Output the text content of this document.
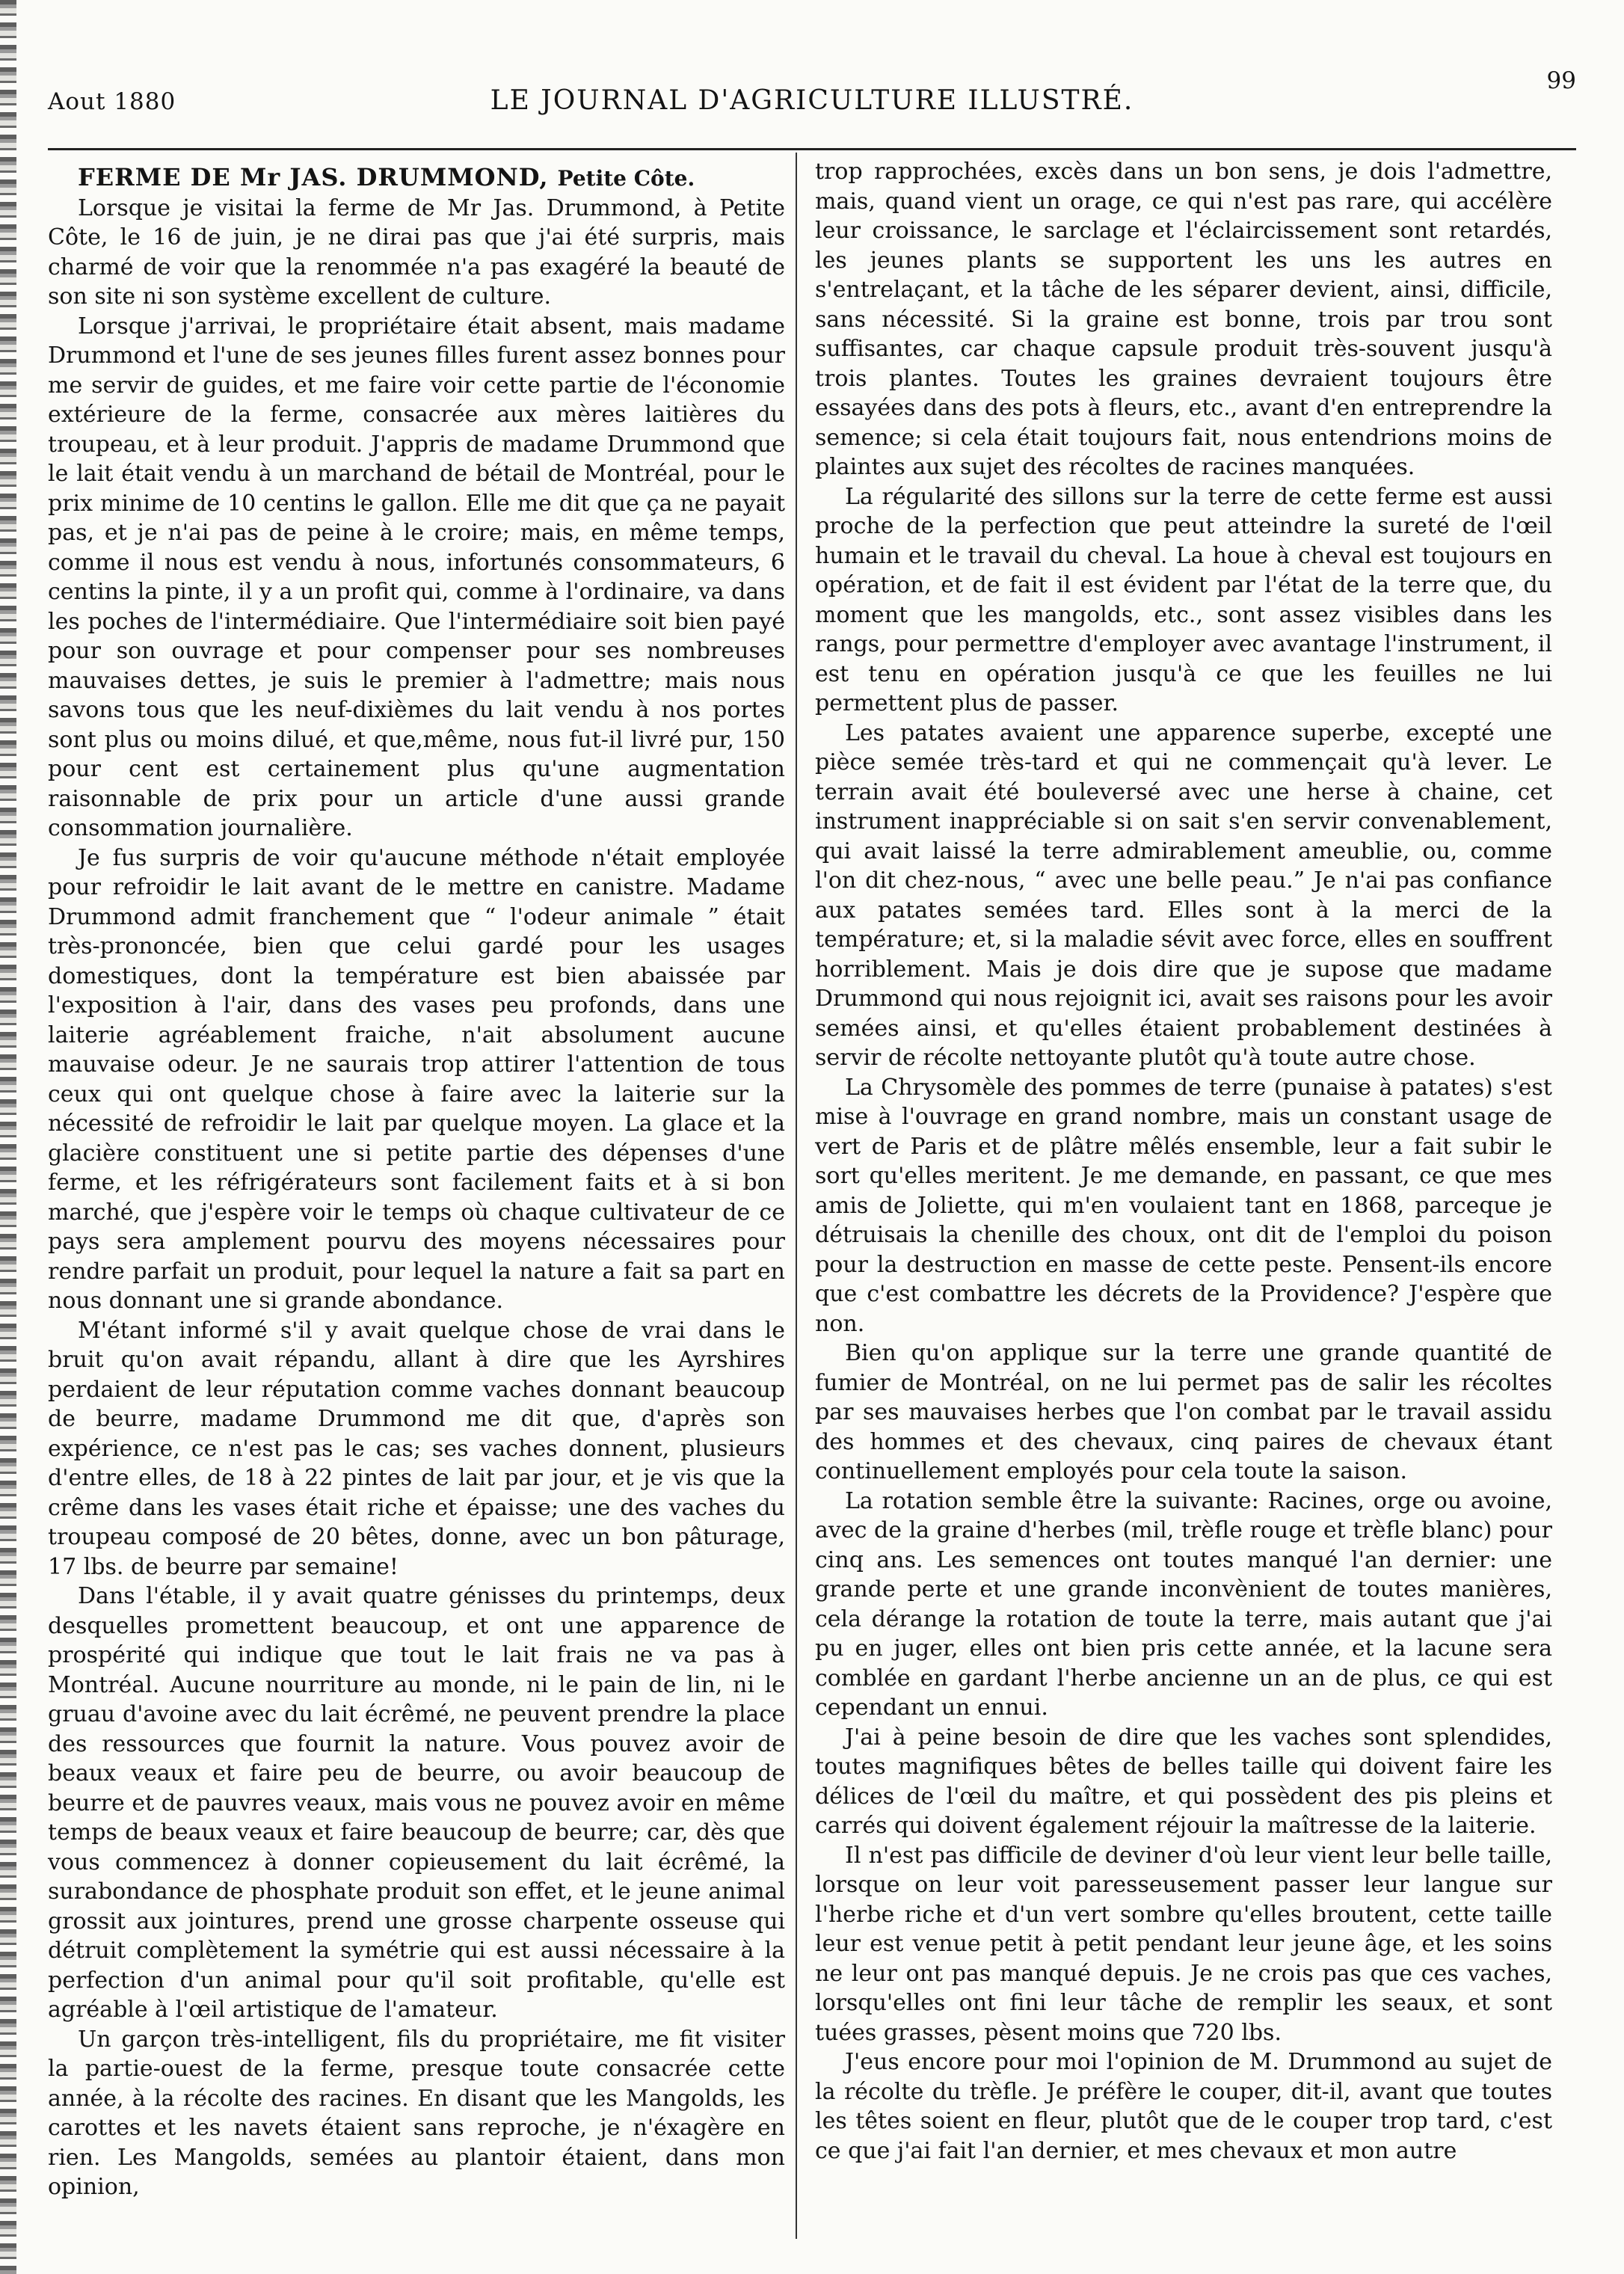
Aout 1880	LE JOURNAL D'AGRICULTURE ILLUSTRÉ.
99
FERME DE Mr JAS. DRUMMOND, Petite Côte.

Lorsque je visitai la ferme de Mr Jas. Drummond, à Petite Côte, le 16 de juin, je ne dirai pas que j'ai été surpris, mais charmé de voir que la renommée n'a pas exagéré la beauté de son site ni son système excellent de culture.

Lorsque j'arrivai, le propriétaire était absent, mais madame Drummond et l'une de ses jeunes filles furent assez bonnes pour me servir de guides, et me faire voir cette partie de l'économie extérieure de la ferme, consacrée aux mères laitières du troupeau, et à leur produit. J'appris de madame Drummond que le lait était vendu à un marchand de bétail de Montréal, pour le prix minime de 10 centins le gallon. Elle me dit que ça ne payait pas, et je n'ai pas de peine à le croire; mais, en même temps, comme il nous est vendu à nous, infortunés consommateurs, 6 centins la pinte, il y a un profit qui, comme à l'ordinaire, va dans les poches de l'intermédiaire. Que l'intermédiaire soit bien payé pour son ouvrage et pour compenser pour ses nombreuses mauvaises dettes, je suis le premier à l'admettre; mais nous savons tous que les neuf-dixièmes du lait vendu à nos portes sont plus ou moins dilué, et que,même, nous fut-il livré pur, 150 pour cent est certainement plus qu'une augmentation raisonnable de prix pour un article d'une aussi grande consommation journalière.

Je fus surpris de voir qu'aucune méthode n'était employée pour refroidir le lait avant de le mettre en canistre. Madame Drummond admit franchement que “ l'odeur animale ” était très-prononcée, bien que celui gardé pour les usages domestiques, dont la température est bien abaissée par l'exposition à l'air, dans des vases peu profonds, dans une laiterie agréablement fraiche, n'ait absolument aucune mauvaise odeur. Je ne saurais trop attirer l'attention de tous ceux qui ont quelque chose à faire avec la laiterie sur la nécessité de refroidir le lait par quelque moyen. La glace et la glacière constituent une si petite partie des dépenses d'une ferme, et les réfrigérateurs sont facilement faits et à si bon marché, que j'espère voir le temps où chaque cultivateur de ce pays sera amplement pourvu des moyens nécessaires pour rendre parfait un produit, pour lequel la nature a fait sa part en nous donnant une si grande abondance.

M'étant informé s'il y avait quelque chose de vrai dans le bruit qu'on avait répandu, allant à dire que les Ayrshires perdaient de leur réputation comme vaches donnant beaucoup de beurre, madame Drummond me dit que, d'après son expérience, ce n'est pas le cas; ses vaches donnent, plusieurs d'entre elles, de 18 à 22 pintes de lait par jour, et je vis que la crême dans les vases était riche et épaisse; une des vaches du troupeau composé de 20 bêtes, donne, avec un bon pâturage, 17 lbs. de beurre par semaine!

Dans l'étable, il y avait quatre génisses du printemps, deux desquelles promettent beaucoup, et ont une apparence de prospérité qui indique que tout le lait frais ne va pas à Montréal. Aucune nourriture au monde, ni le pain de lin, ni le gruau d'avoine avec du lait écrêmé, ne peuvent prendre la place des ressources que fournit la nature. Vous pouvez avoir de beaux veaux et faire peu de beurre, ou avoir beaucoup de beurre et de pauvres veaux, mais vous ne pouvez avoir en même temps de beaux veaux et faire beaucoup de beurre; car, dès que vous commencez à donner copieusement du lait écrêmé, la surabondance de phosphate produit son effet, et le jeune animal grossit aux jointures, prend une grosse charpente osseuse qui détruit complètement la symétrie qui est aussi nécessaire à la perfection d'un animal pour qu'il soit profitable, qu'elle est agréable à l'œil artistique de l'amateur.

Un garçon très-intelligent, fils du propriétaire, me fit visiter la partie-ouest de la ferme, presque toute consacrée cette année, à la récolte des racines. En disant que les Mangolds, les carottes et les navets étaient sans reproche, je n'éxagère en rien. Les Mangolds, semées au plantoir étaient, dans mon opinion,

trop rapprochées, excès dans un bon sens, je dois l'admettre, mais, quand vient un orage, ce qui n'est pas rare, qui accélère leur croissance, le sarclage et l'éclaircissement sont retardés, les jeunes plants se supportent les uns les autres en s'entrelaçant, et la tâche de les séparer devient, ainsi, difficile, sans nécessité. Si la graine est bonne, trois par trou sont suffisantes, car chaque capsule produit très-souvent jusqu'à trois plantes. Toutes les graines devraient toujours être essayées dans des pots à fleurs, etc., avant d'en entreprendre la semence; si cela était toujours fait, nous entendrions moins de plaintes aux sujet des récoltes de racines manquées.

La régularité des sillons sur la terre de cette ferme est aussi proche de la perfection que peut atteindre la sureté de l'œil humain et le travail du cheval. La houe à cheval est toujours en opération, et de fait il est évident par l'état de la terre que, du moment que les mangolds, etc., sont assez visibles dans les rangs, pour permettre d'employer avec avantage l'instrument, il est tenu en opération jusqu'à ce que les feuilles ne lui permettent plus de passer.

Les patates avaient une apparence superbe, excepté une pièce semée très-tard et qui ne commençait qu'à lever. Le terrain avait été bouleversé avec une herse à chaine, cet instrument inappréciable si on sait s'en servir convenablement, qui avait laissé la terre admirablement ameublie, ou, comme l'on dit chez-nous, “ avec une belle peau.” Je n'ai pas confiance aux patates semées tard. Elles sont à la merci de la température; et, si la maladie sévit avec force, elles en souffrent horriblement. Mais je dois dire que je supose que madame Drummond qui nous rejoignit ici, avait ses raisons pour les avoir semées ainsi, et qu'elles étaient probablement destinées à servir de récolte nettoyante plutôt qu'à toute autre chose.

La Chrysomèle des pommes de terre (punaise à patates) s'est mise à l'ouvrage en grand nombre, mais un constant usage de vert de Paris et de plâtre mêlés ensemble, leur a fait subir le sort qu'elles meritent. Je me demande, en passant, ce que mes amis de Joliette, qui m'en voulaient tant en 1868, parceque je détruisais la chenille des choux, ont dit de l'emploi du poison pour la destruction en masse de cette peste. Pensent-ils encore que c'est combattre les décrets de la Providence? J'espère que non.

Bien qu'on applique sur la terre une grande quantité de fumier de Montréal, on ne lui permet pas de salir les récoltes par ses mauvaises herbes que l'on combat par le travail assidu des hommes et des chevaux, cinq paires de chevaux étant continuellement employés pour cela toute la saison.

La rotation semble être la suivante: Racines, orge ou avoine, avec de la graine d'herbes (mil, trèfle rouge et trèfle blanc) pour cinq ans. Les semences ont toutes manqué l'an dernier: une grande perte et une grande inconvènient de toutes manières, cela dérange la rotation de toute la terre, mais autant que j'ai pu en juger, elles ont bien pris cette année, et la lacune sera comblée en gardant l'herbe ancienne un an de plus, ce qui est cependant un ennui.

J'ai à peine besoin de dire que les vaches sont splendides, toutes magnifiques bêtes de belles taille qui doivent faire les délices de l'œil du maître, et qui possèdent des pis pleins et carrés qui doivent également réjouir la maîtresse de la laiterie.

Il n'est pas difficile de deviner d'où leur vient leur belle taille, lorsque on leur voit paresseusement passer leur langue sur l'herbe riche et d'un vert sombre qu'elles broutent, cette taille leur est venue petit à petit pendant leur jeune âge, et les soins ne leur ont pas manqué depuis. Je ne crois pas que ces vaches, lorsqu'elles ont fini leur tâche de remplir les seaux, et sont tuées grasses, pèsent moins que 720 lbs.

J'eus encore pour moi l'opinion de M. Drummond au sujet de la récolte du trèfle. Je préfère le couper, dit-il, avant que toutes les têtes soient en fleur, plutôt que de le couper trop tard, c'est ce que j'ai fait l'an dernier, et mes chevaux et mon autre
